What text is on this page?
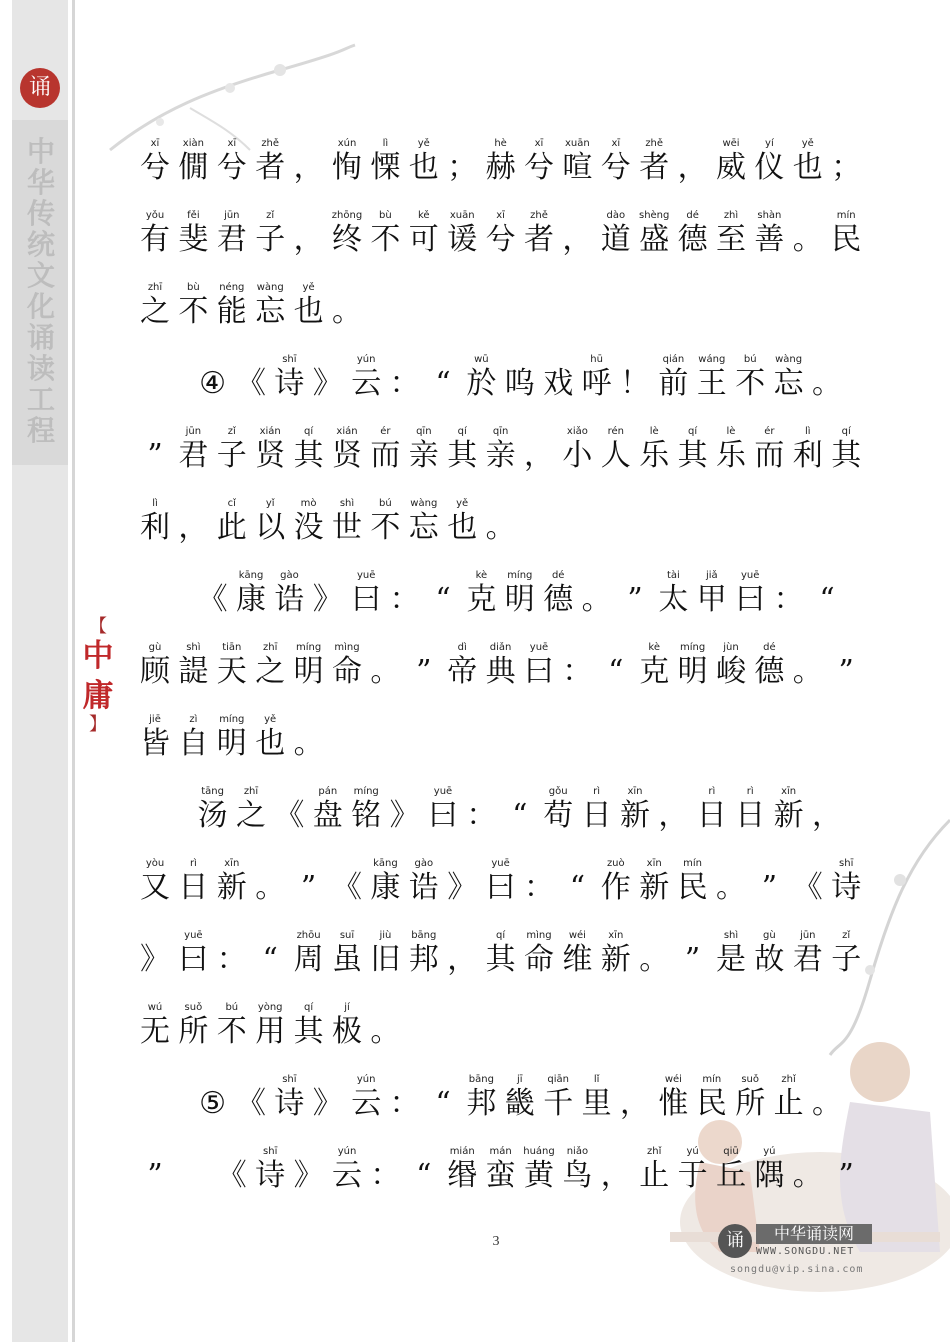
诵
中
华
传
统
文
化
诵
读
工
程
【
中
庸
】
xī
兮
xiàn
僩
xī
兮
zhě
者 ，
xún
恂
lì
慄
yě
也 ；
hè
赫
xī
兮
xuān
喧
xī
兮
zhě
者 ，
wēi
威
yí
仪
yě
也 ；
yǒu
有
fěi
斐
jūn
君
zǐ
子 ，
zhōng
终
bù
不
kě
可
xuān
谖
xī
兮
zhě
者 ，
dào
道
shèng
盛
dé
德
zhì
至
shàn
善 。
mín
民
zhī
之
bù
不
néng
能
wàng
忘
yě
也 。
④ 《
shī
诗 》
yún
云 ： “
wū
於 呜 戏
hū
呼 ！
qián
前
wáng
王
bú
不
wàng
忘 。
”
jūn
君
zǐ
子
xián
贤
qí
其
xián
贤
ér
而
qīn
亲
qí
其
qīn
亲 ，
xiǎo
小
rén
人
lè
乐
qí
其
lè
乐
ér
而
lì
利
qí
其
lì
利 ，
cǐ
此
yǐ
以
mò
没
shì
世
bú
不
wàng
忘
yě
也 。
《
kāng
康
gào
诰 》
yuē
曰 ： “
kè
克
míng
明
dé
德 。 ”
tài
太
jiǎ
甲
yuē
曰 ： “
gù
顾
shì
諟
tiān
天
zhī
之
míng
明
mìng
命 。 ”
dì
帝
diǎn
典
yuē
曰 ： “
kè
克
míng
明
jùn
峻
dé
德 。 ”
jiē
皆
zì
自
míng
明
yě
也 。
tāng
汤
zhī
之 《
pán
盘
míng
铭 》
yuē
曰 ： “
gǒu
苟
rì
日
xīn
新 ，
rì
日
rì
日
xīn
新 ，
yòu
又
rì
日
xīn
新 。 ” 《
kāng
康
gào
诰 》
yuē
曰 ： “
zuò
作
xīn
新
mín
民 。 ” 《
shī
诗
》
yuē
曰 ： “
zhōu
周
suī
虽
jiù
旧
bāng
邦 ，
qí
其
mìng
命
wéi
维
xīn
新 。 ”
shì
是
gù
故
jūn
君
zǐ
子
wú
无
suǒ
所
bú
不
yòng
用
qí
其
jí
极 。
⑤ 《
shī
诗 》
yún
云 ： “
bāng
邦
jī
畿
qiān
千
lǐ
里 ，
wéi
惟
mín
民
suǒ
所
zhǐ
止 。
”	《
shī
诗 》
yún
云 ： “
mián
缗
mán
蛮
huáng
黄
niǎo
鸟 ，
zhǐ
止
yú
于
qiū
丘
yú
隅 。 ”
3	诵	中华诵读网
WWW.SONGDU.NET
songdu@vip.sina.com
